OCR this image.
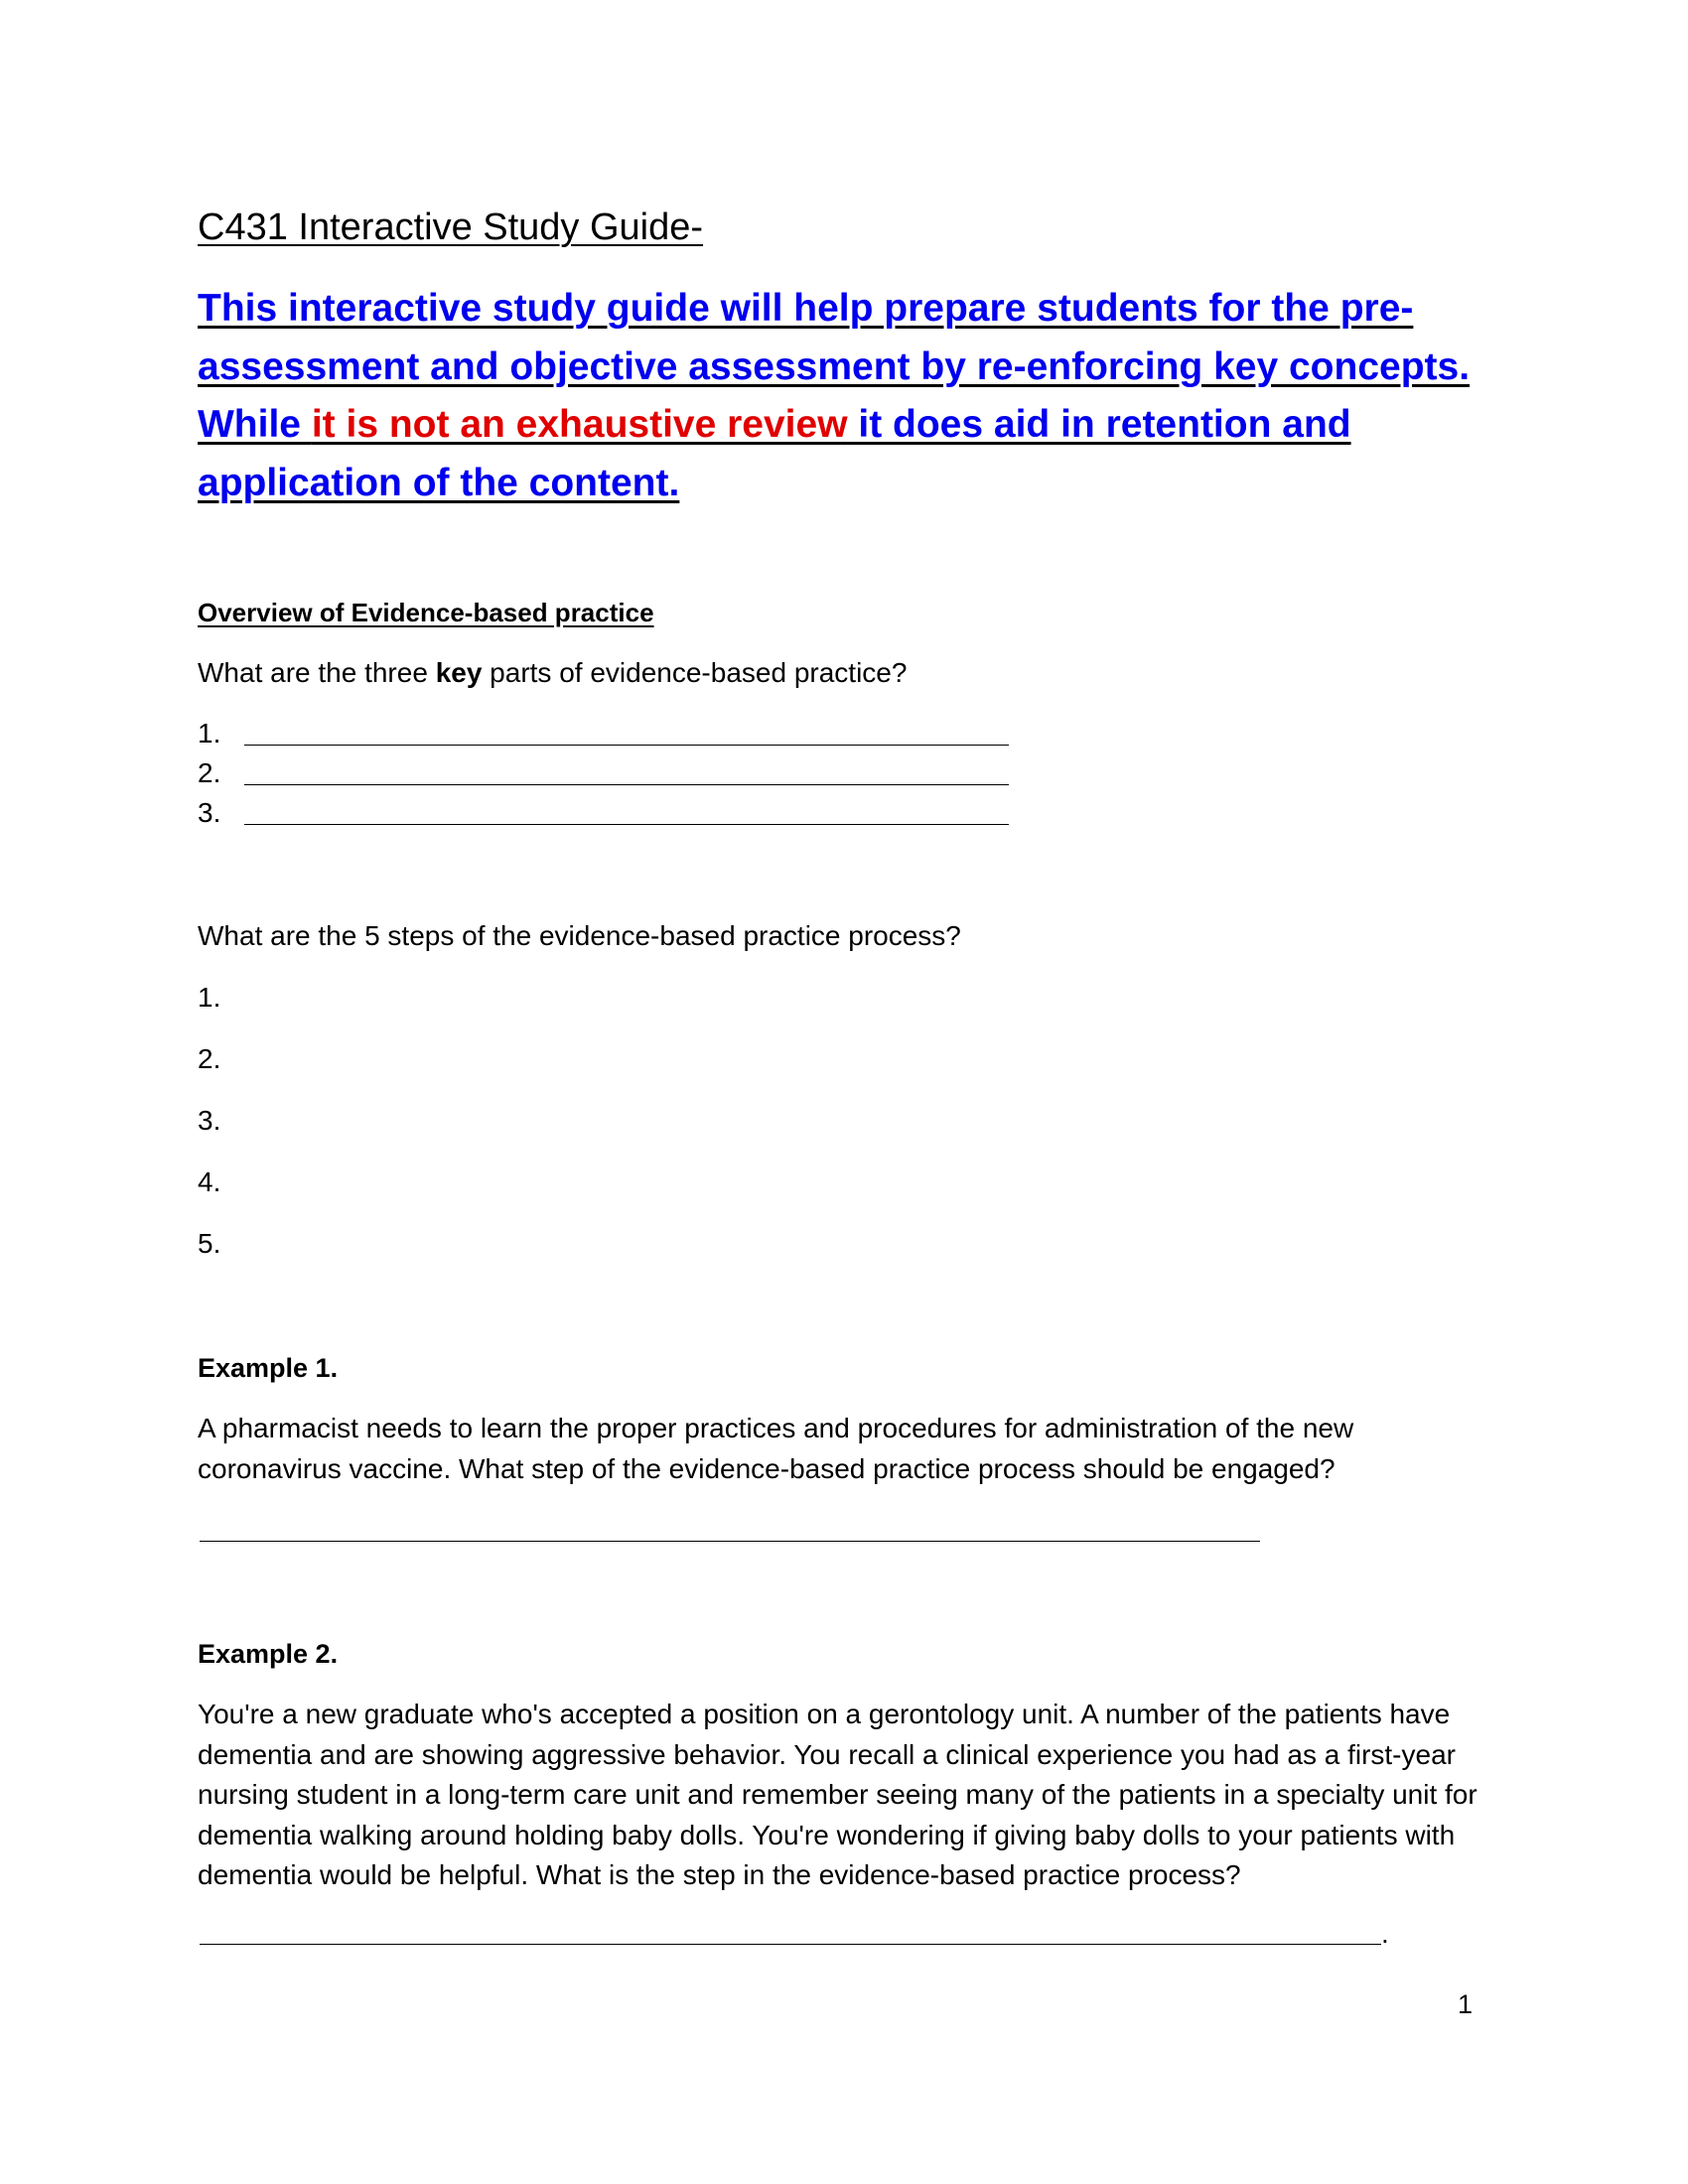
C431 Interactive Study Guide-

This interactive study guide will help prepare students for the pre-assessment and objective assessment by re-enforcing key concepts. While it is not an exhaustive review it does aid in retention and application of the content.

Overview of Evidence-based practice
What are the three key parts of evidence-based practice?
1.
2.
3.
What are the 5 steps of the evidence-based practice process?
1.
2.
3.
4.
5.
Example 1.

A pharmacist needs to learn the proper practices and procedures for administration of the new
coronavirus vaccine. What step of the evidence-based practice process should be engaged?

Example 2.

You're a new graduate who's accepted a position on a gerontology unit. A number of the patients have
dementia and are showing aggressive behavior. You recall a clinical experience you had as a first-year
nursing student in a long-term care unit and remember seeing many of the patients in a specialty unit for
dementia walking around holding baby dolls. You're wondering if giving baby dolls to your patients with
dementia would be helpful. What is the step in the evidence-based practice process?

.
1
